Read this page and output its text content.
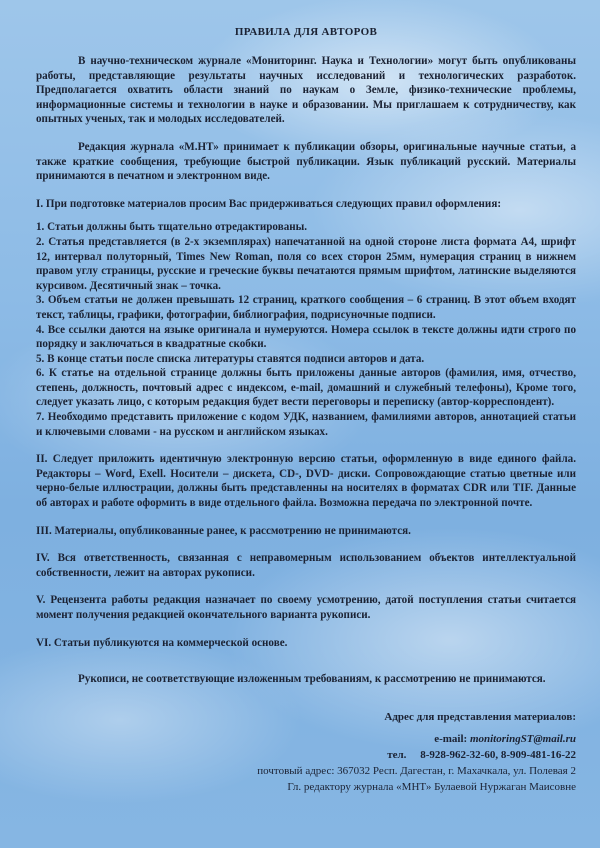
ПРАВИЛА ДЛЯ АВТОРОВ

В научно-техническом журнале «Мониторинг. Наука и Технологии» могут быть опубликованы работы, представляющие результаты научных исследований и технологических разработок. Предполагается охватить области знаний по наукам о Земле, физико-технические проблемы, информационные системы и технологии в науке и образовании. Мы приглашаем к сотрудничеству, как опытных ученых, так и молодых исследователей.

Редакция журнала «М.НТ» принимает к публикации обзоры, оригинальные научные статьи, а также краткие сообщения, требующие быстрой публикации. Язык публикаций русский. Материалы принимаются в печатном и электронном виде.

I. При подготовке материалов просим Вас придерживаться следующих правил оформления:

1. Статьи должны быть тщательно отредактированы.

2. Статья представляется (в 2-х экземплярах) напечатанной на одной стороне листа формата А4, шрифт 12, интервал полуторный, Times New Roman, поля со всех сторон 25мм, нумерация страниц в нижнем правом углу страницы, русские и греческие буквы печатаются прямым шрифтом, латинские выделяются курсивом. Десятичный знак – точка.

3. Объем статьи не должен превышать 12 страниц, краткого сообщения – 6 страниц. В этот объем входят текст, таблицы, графики, фотографии, библиография, подрисуночные подписи.

4. Все ссылки даются на языке оригинала и нумеруются. Номера ссылок в тексте должны идти строго по порядку и заключаться в квадратные скобки.

5. В конце статьи после списка литературы ставятся подписи авторов и дата.

6. К статье на отдельной странице должны быть приложены данные авторов (фамилия, имя, отчество, степень, должность, почтовый адрес с индексом, e-mail, домашний и служебный телефоны), Кроме того, следует указать лицо, с которым редакция будет вести переговоры и переписку (автор-корреспондент).

7. Необходимо представить приложение с кодом УДК, названием, фамилиями авторов, аннотацией статьи и ключевыми словами - на русском и английском языках.

II. Следует приложить идентичную электронную версию статьи, оформленную в виде единого файла. Редакторы – Word, Exell. Носители – дискета, CD-, DVD- диски. Сопровождающие статью цветные или черно-белые иллюстрации, должны быть представленны на носителях в форматах CDR или TIF. Данные об авторах и работе оформить в виде отдельного файла. Возможна передача по электронной почте.

III. Материалы, опубликованные ранее, к рассмотрению не принимаются.

IV. Вся ответственность, связанная с неправомерным использованием объектов интеллектуальной собственности, лежит на авторах рукописи.

V. Рецензента работы редакция назначает по своему усмотрению, датой поступления статьи считается момент получения редакцией окончательного варианта рукописи.

VI. Статьи публикуются на коммерческой основе.

Рукописи, не соответствующие изложенным требованиям, к рассмотрению не принимаются.

Адрес для представления материалов:
e-mail: monitoringST@mail.ru
тел. 8-928-962-32-60, 8-909-481-16-22
почтовый адрес: 367032 Респ. Дагестан, г. Махачкала, ул. Полевая 2
Гл. редактору журнала «МНТ» Булаевой Нуржаган Маисовне
